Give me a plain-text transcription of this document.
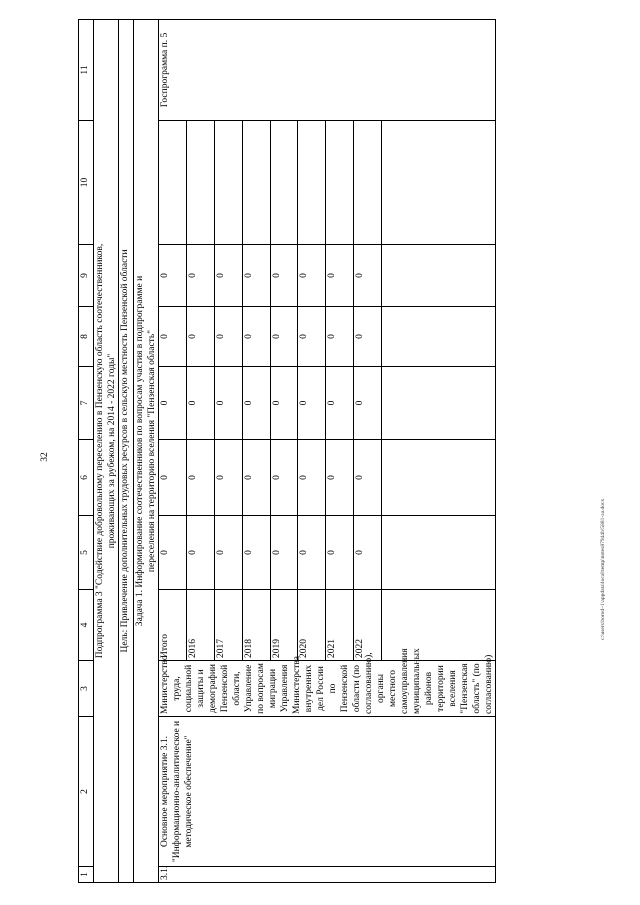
32
c:\users\borod~1\appdata\local\temp\notes87944b\5881-aa.docx
1	2	3	4	5	6	7	8	9	10	11

Подпрограмма 3 "Содействие добровольному переселению в Пензенскую область соотечественников, проживающих за рубежом, на 2014 - 2022 годы"										

Цель: Привлечение дополнительных трудовых ресурсов в сельскую местность Пензенской области										

Задача 1. Информирование соотечественников по вопросам участия в подпрограмме и переселения на территорию вселения "Пензенская область"										

3.1.	Основное мероприятие 3.1. "Информационно-аналитическое и методическое обеспечение"	Министерство труда, социальной защиты и демографии Пензенской области, Управление по вопросам миграции Управления Министерства внутренних дел России по Пензенской области (по согласованию), органы местного самоуправления муниципальных районов территории вселения "Пензенская область" (по согласованию)	Итого	0	0	0	0	0		Госпрограмма п. 5
			2016	0	0	0	0	0		
			2017	0	0	0	0	0		
			2018	0	0	0	0	0		
			2019	0	0	0	0	0		
			2020	0	0	0	0	0		
			2021	0	0	0	0	0		
			2022	0	0	0	0	0		
